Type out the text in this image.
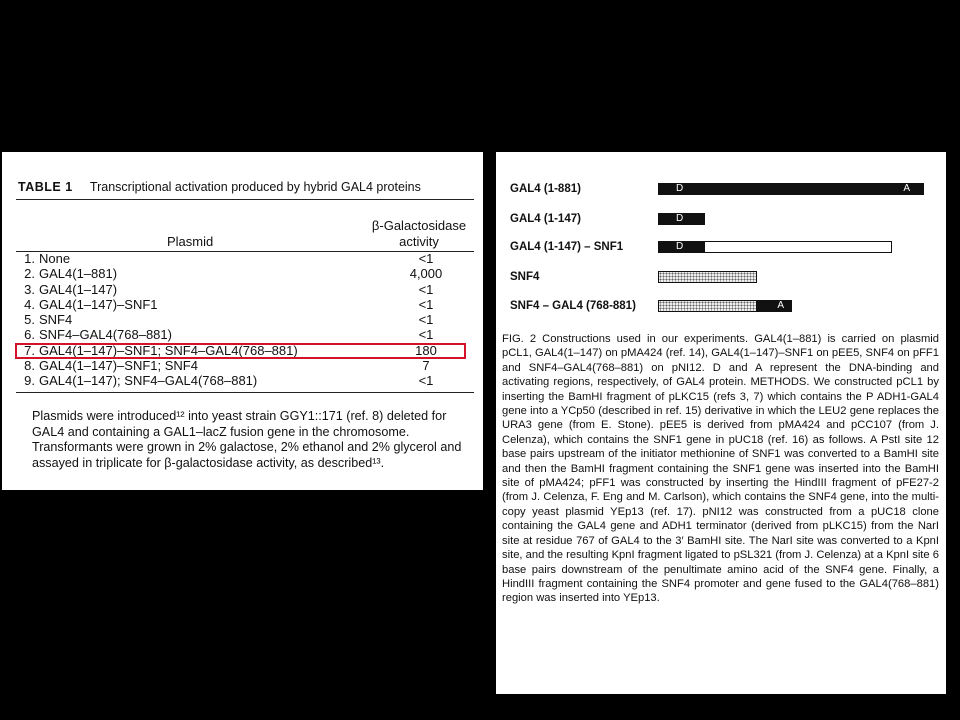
TABLE 1 Transcriptional activation produced by hybrid GAL4 proteins
β-Galactosidase
activity
Plasmid
1. None	<1
2. GAL4(1–881)	4,000
3. GAL4(1–147)	<1
4. GAL4(1–147)–SNF1	<1
5. SNF4	<1
6. SNF4–GAL4(768–881)	<1
7. GAL4(1–147)–SNF1; SNF4–GAL4(768–881)	180
8. GAL4(1–147)–SNF1; SNF4	7
9. GAL4(1–147); SNF4–GAL4(768–881)	<1

Plasmids were introduced¹² into yeast strain GGY1::171 (ref. 8) deleted for GAL4 and containing a GAL1–lacZ fusion gene in the chromosome. Transformants were grown in 2% galactose, 2% ethanol and 2% glycerol and assayed in triplicate for β-galactosidase activity, as described¹³.

GAL4 (1-881)	D	A
GAL4 (1-147)	D
GAL4 (1-147) – SNF1	D
SNF4
SNF4 – GAL4 (768-881)	A

FIG. 2 Constructions used in our experiments. GAL4(1–881) is carried on plasmid pCL1, GAL4(1–147) on pMA424 (ref. 14), GAL4(1–147)–SNF1 on pEE5, SNF4 on pFF1 and SNF4–GAL4(768–881) on pNI12. D and A represent the DNA-binding and activating regions, respectively, of GAL4 protein. METHODS. We constructed pCL1 by inserting the BamHI fragment of pLKC15 (refs 3, 7) which contains the P ADH1-GAL4 gene into a YCp50 (described in ref. 15) derivative in which the LEU2 gene replaces the URA3 gene (from E. Stone). pEE5 is derived from pMA424 and pCC107 (from J. Celenza), which contains the SNF1 gene in pUC18 (ref. 16) as follows. A PstI site 12 base pairs upstream of the initiator methionine of SNF1 was converted to a BamHI site and then the BamHI fragment containing the SNF1 gene was inserted into the BamHI site of pMA424; pFF1 was constructed by inserting the HindIII fragment of pFE27-2 (from J. Celenza, F. Eng and M. Carlson), which contains the SNF4 gene, into the multi-copy yeast plasmid YEp13 (ref. 17). pNI12 was constructed from a pUC18 clone containing the GAL4 gene and ADH1 terminator (derived from pLKC15) from the NarI site at residue 767 of GAL4 to the 3′ BamHI site. The NarI site was converted to a KpnI site, and the resulting KpnI fragment ligated to pSL321 (from J. Celenza) at a KpnI site 6 base pairs downstream of the penultimate amino acid of the SNF4 gene. Finally, a HindIII fragment containing the SNF4 promoter and gene fused to the GAL4(768–881) region was inserted into YEp13.
